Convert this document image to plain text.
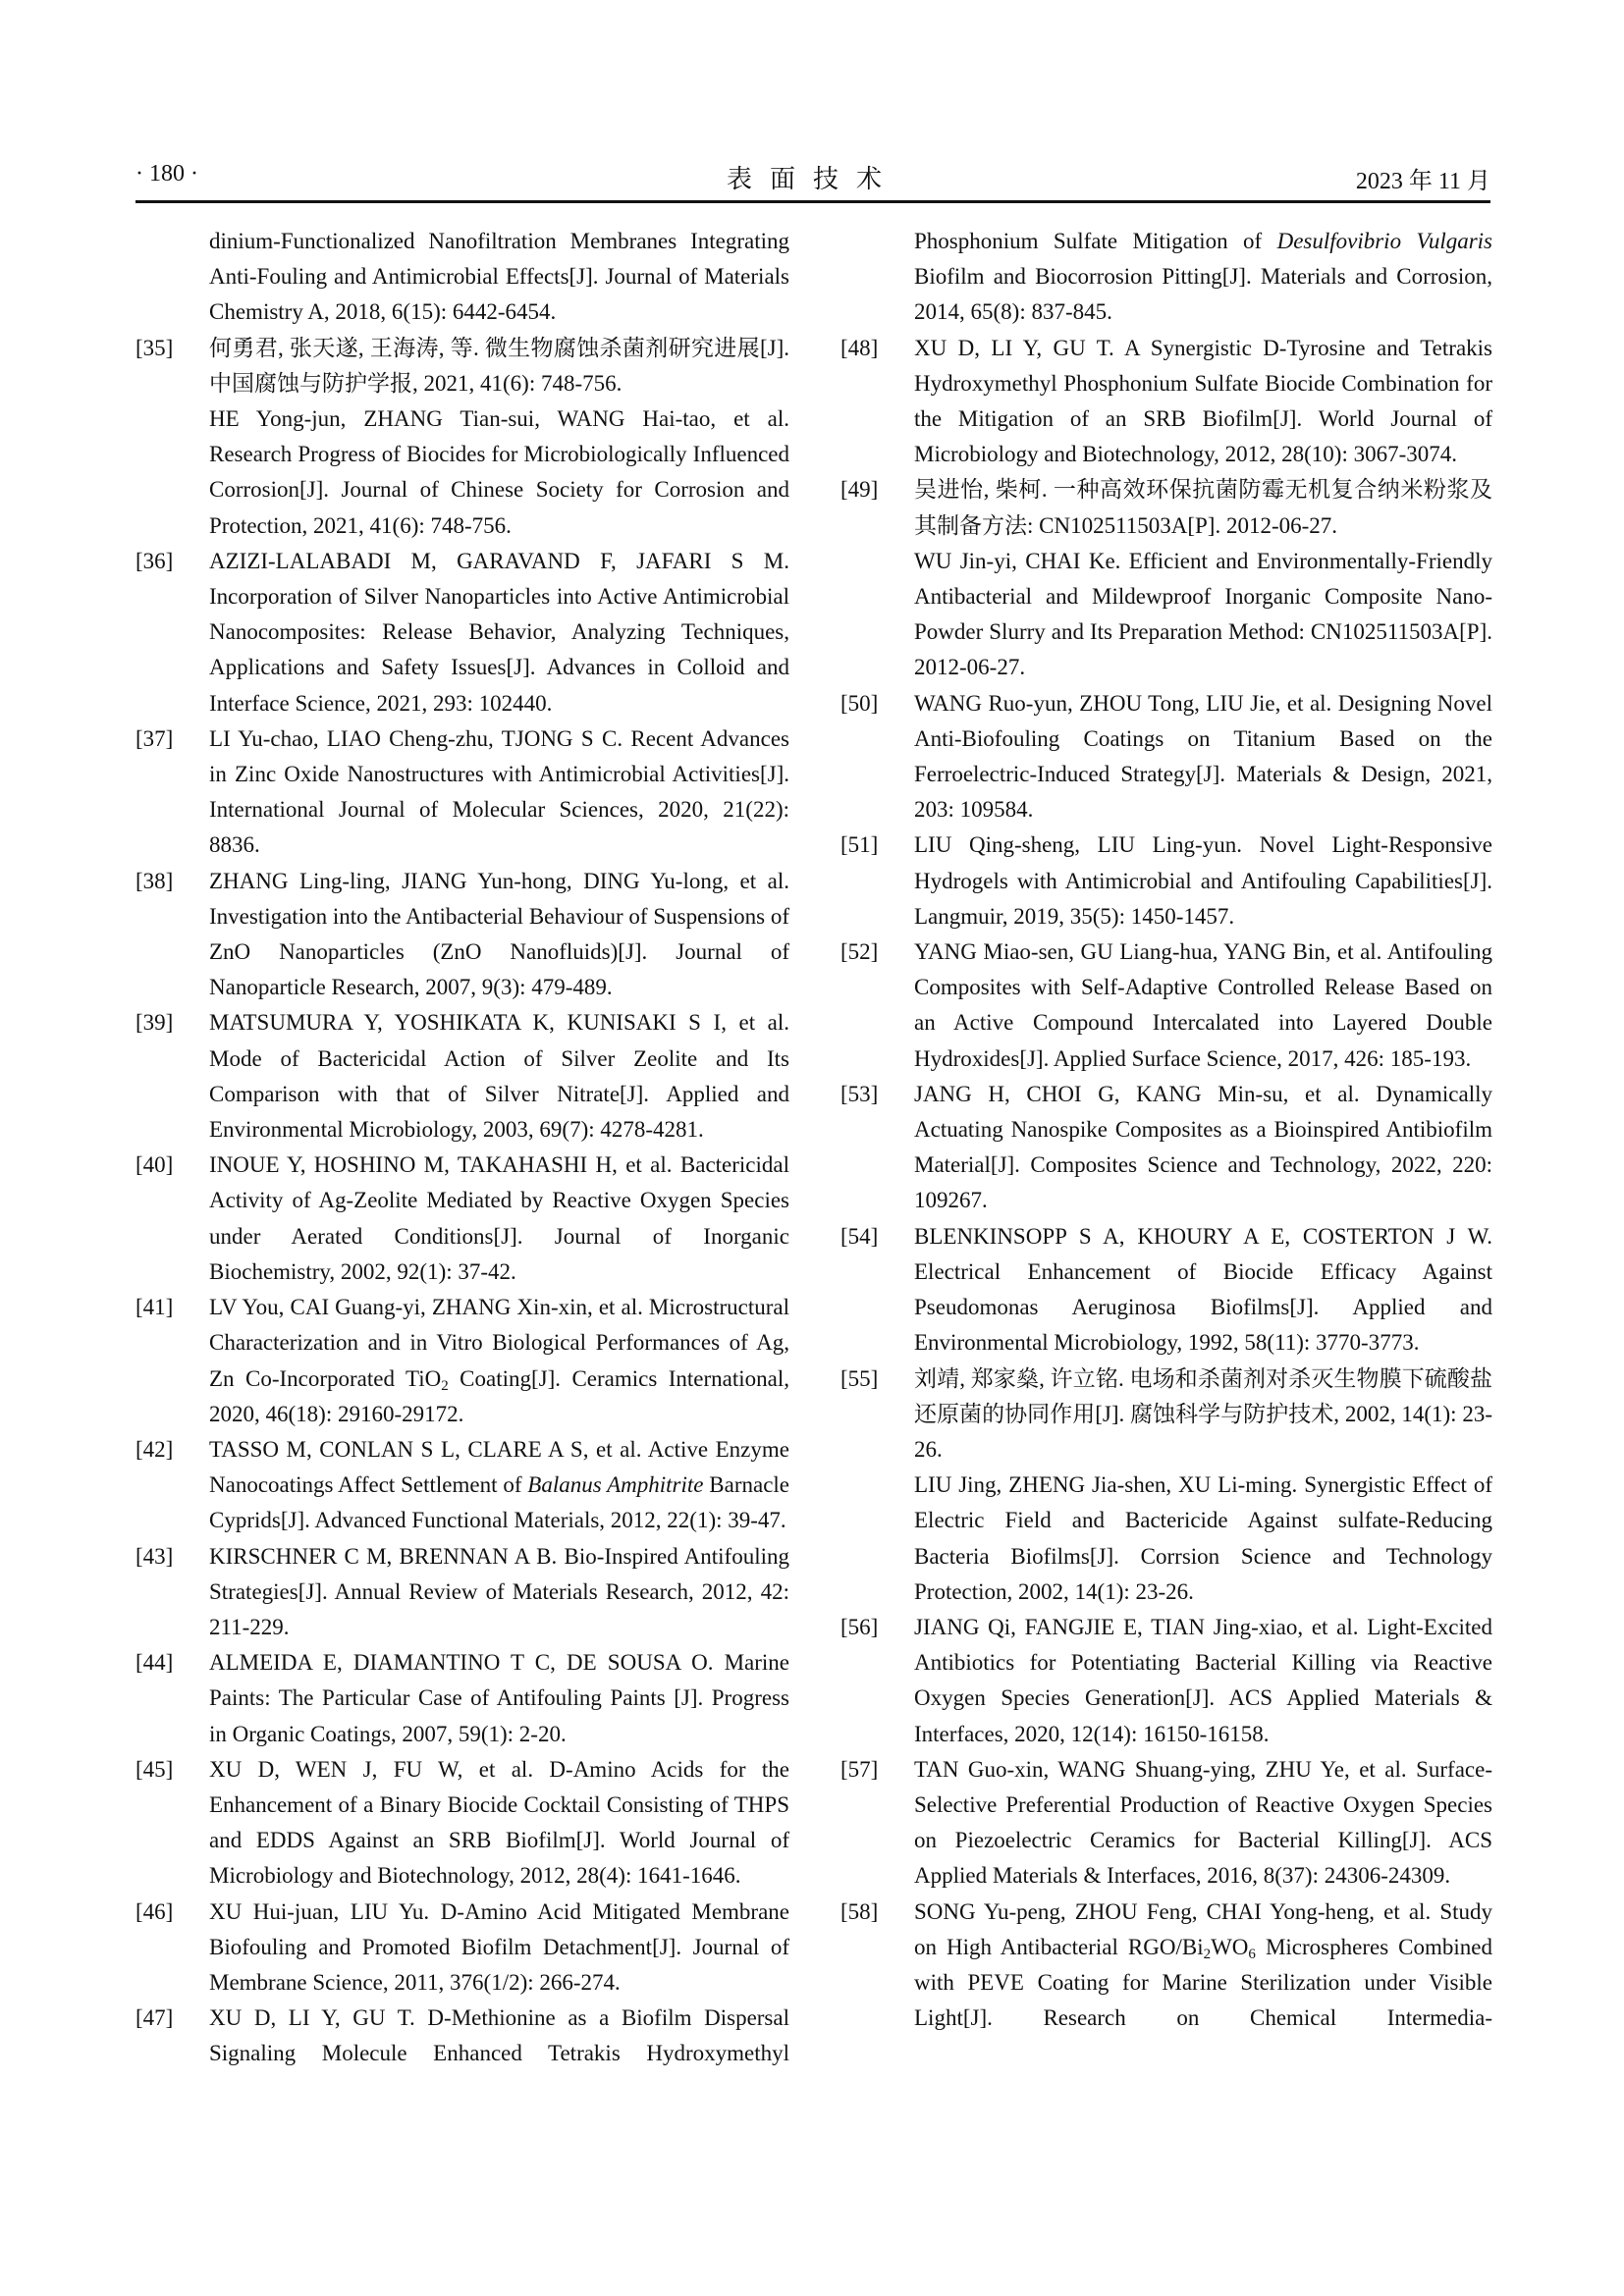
· 180 ·	表面技术	2023 年 11 月
dinium-Functionalized Nanofiltration Membranes Integrating Anti-Fouling and Antimicrobial Effects[J]. Journal of Materials Chemistry A, 2018, 6(15): 6442-6454.
[35]	何勇君, 张天遂, 王海涛, 等. 微生物腐蚀杀菌剂研究进展[J]. 中国腐蚀与防护学报, 2021, 41(6): 748-756.
HE Yong-jun, ZHANG Tian-sui, WANG Hai-tao, et al. Research Progress of Biocides for Microbiologically Influenced Corrosion[J]. Journal of Chinese Society for Corrosion and Protection, 2021, 41(6): 748-756.
[36]	AZIZI-LALABADI M, GARAVAND F, JAFARI S M. Incorporation of Silver Nanoparticles into Active Antimicrobial Nanocomposites: Release Behavior, Analyzing Techniques, Applications and Safety Issues[J]. Advances in Colloid and Interface Science, 2021, 293: 102440.
[37]	LI Yu-chao, LIAO Cheng-zhu, TJONG S C. Recent Advances in Zinc Oxide Nanostructures with Antimicrobial Activities[J]. International Journal of Molecular Sciences, 2020, 21(22): 8836.
[38]	ZHANG Ling-ling, JIANG Yun-hong, DING Yu-long, et al. Investigation into the Antibacterial Behaviour of Suspensions of ZnO Nanoparticles (ZnO Nanofluids)[J]. Journal of Nanoparticle Research, 2007, 9(3): 479-489.
[39]	MATSUMURA Y, YOSHIKATA K, KUNISAKI S I, et al. Mode of Bactericidal Action of Silver Zeolite and Its Comparison with that of Silver Nitrate[J]. Applied and Environmental Microbiology, 2003, 69(7): 4278-4281.
[40]	INOUE Y, HOSHINO M, TAKAHASHI H, et al. Bactericidal Activity of Ag-Zeolite Mediated by Reactive Oxygen Species under Aerated Conditions[J]. Journal of Inorganic Biochemistry, 2002, 92(1): 37-42.
[41]	LV You, CAI Guang-yi, ZHANG Xin-xin, et al. Microstructural Characterization and in Vitro Biological Performances of Ag, Zn Co-Incorporated TiO$_2$ Coating[J]. Ceramics International, 2020, 46(18): 29160-29172.
[42]	TASSO M, CONLAN S L, CLARE A S, et al. Active Enzyme Nanocoatings Affect Settlement of Balanus Amphitrite Barnacle Cyprids[J]. Advanced Functional Materials, 2012, 22(1): 39-47.
[43]	KIRSCHNER C M, BRENNAN A B. Bio-Inspired Antifouling Strategies[J]. Annual Review of Materials Research, 2012, 42: 211-229.
[44]	ALMEIDA E, DIAMANTINO T C, DE SOUSA O. Marine Paints: The Particular Case of Antifouling Paints [J]. Progress in Organic Coatings, 2007, 59(1): 2-20.
[45]	XU D, WEN J, FU W, et al. D-Amino Acids for the Enhancement of a Binary Biocide Cocktail Consisting of THPS and EDDS Against an SRB Biofilm[J]. World Journal of Microbiology and Biotechnology, 2012, 28(4): 1641-1646.
[46]	XU Hui-juan, LIU Yu. D-Amino Acid Mitigated Membrane Biofouling and Promoted Biofilm Detachment[J]. Journal of Membrane Science, 2011, 376(1/2): 266-274.
[47]	XU D, LI Y, GU T. D-Methionine as a Biofilm Dispersal Signaling Molecule Enhanced Tetrakis Hydroxymethyl
Phosphonium Sulfate Mitigation of Desulfovibrio Vulgaris Biofilm and Biocorrosion Pitting[J]. Materials and Corrosion, 2014, 65(8): 837-845.
[48]	XU D, LI Y, GU T. A Synergistic D-Tyrosine and Tetrakis Hydroxymethyl Phosphonium Sulfate Biocide Combination for the Mitigation of an SRB Biofilm[J]. World Journal of Microbiology and Biotechnology, 2012, 28(10): 3067-3074.
[49]	吴进怡, 柴柯. 一种高效环保抗菌防霉无机复合纳米粉浆及其制备方法: CN102511503A[P]. 2012-06-27.
WU Jin-yi, CHAI Ke. Efficient and Environmentally-Friendly Antibacterial and Mildewproof Inorganic Composite Nano-Powder Slurry and Its Preparation Method: CN102511503A[P]. 2012-06-27.
[50]	WANG Ruo-yun, ZHOU Tong, LIU Jie, et al. Designing Novel Anti-Biofouling Coatings on Titanium Based on the Ferroelectric-Induced Strategy[J]. Materials & Design, 2021, 203: 109584.
[51]	LIU Qing-sheng, LIU Ling-yun. Novel Light-Responsive Hydrogels with Antimicrobial and Antifouling Capabilities[J]. Langmuir, 2019, 35(5): 1450-1457.
[52]	YANG Miao-sen, GU Liang-hua, YANG Bin, et al. Antifouling Composites with Self-Adaptive Controlled Release Based on an Active Compound Intercalated into Layered Double Hydroxides[J]. Applied Surface Science, 2017, 426: 185-193.
[53]	JANG H, CHOI G, KANG Min-su, et al. Dynamically Actuating Nanospike Composites as a Bioinspired Antibiofilm Material[J]. Composites Science and Technology, 2022, 220: 109267.
[54]	BLENKINSOPP S A, KHOURY A E, COSTERTON J W. Electrical Enhancement of Biocide Efficacy Against Pseudomonas Aeruginosa Biofilms[J]. Applied and Environmental Microbiology, 1992, 58(11): 3770-3773.
[55]	刘靖, 郑家燊, 许立铭. 电场和杀菌剂对杀灭生物膜下硫酸盐还原菌的协同作用[J]. 腐蚀科学与防护技术, 2002, 14(1): 23-26.
LIU Jing, ZHENG Jia-shen, XU Li-ming. Synergistic Effect of Electric Field and Bactericide Against sulfate-Reducing Bacteria Biofilms[J]. Corrsion Science and Technology Protection, 2002, 14(1): 23-26.
[56]	JIANG Qi, FANGJIE E, TIAN Jing-xiao, et al. Light-Excited Antibiotics for Potentiating Bacterial Killing via Reactive Oxygen Species Generation[J]. ACS Applied Materials & Interfaces, 2020, 12(14): 16150-16158.
[57]	TAN Guo-xin, WANG Shuang-ying, ZHU Ye, et al. Surface-Selective Preferential Production of Reactive Oxygen Species on Piezoelectric Ceramics for Bacterial Killing[J]. ACS Applied Materials & Interfaces, 2016, 8(37): 24306-24309.
[58]	SONG Yu-peng, ZHOU Feng, CHAI Yong-heng, et al. Study on High Antibacterial RGO/$Bi_2WO_6$ Microspheres Combined with PEVE Coating for Marine Sterilization under Visible Light[J]. Research on Chemical Intermedia-
